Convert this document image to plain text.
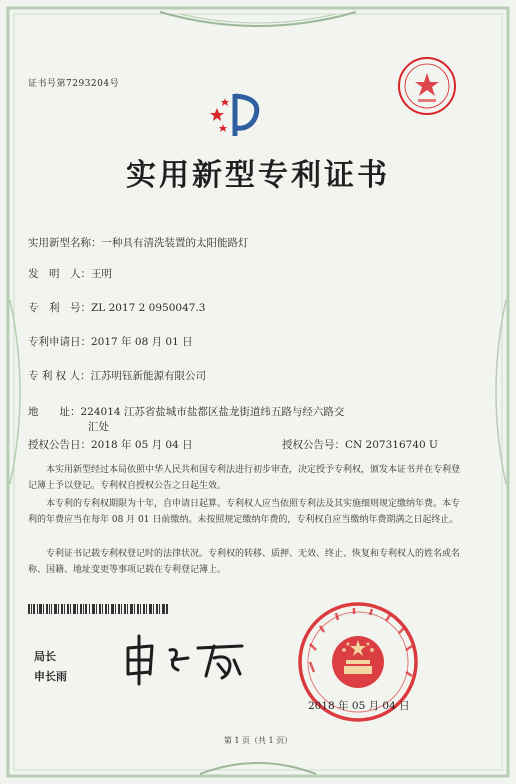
证书号第7293204号
实用新型专利证书
实用新型名称：一种具有清洗装置的太阳能路灯
发　明　人：王明
专　利　号：ZL 2017 2 0950047.3
专利申请日：2017 年 08 月 01 日
专 利 权 人：江苏明钰新能源有限公司
地　　址：224014 江苏省盐城市盐都区盐龙街道纬五路与经六路交
汇处
授权公告日：2018 年 05 月 04 日	授权公告号：CN 207316740 U
本实用新型经过本局依照中华人民共和国专利法进行初步审查，决定授予专利权，颁发本证书并在专利登记簿上予以登记。专利权自授权公告之日起生效。
本专利的专利权期限为十年，自申请日起算。专利权人应当依照专利法及其实施细则规定缴纳年费。本专利的年费应当在每年 08 月 01 日前缴纳。未按照规定缴纳年费的，专利权自应当缴纳年费期满之日起终止。
专利证书记载专利权登记时的法律状况。专利权的转移、质押、无效、终止、恢复和专利权人的姓名或名称、国籍、地址变更等事项记载在专利登记簿上。
局长
申长雨
2018 年 05 月 04 日
第 1 页（共 1 页）
